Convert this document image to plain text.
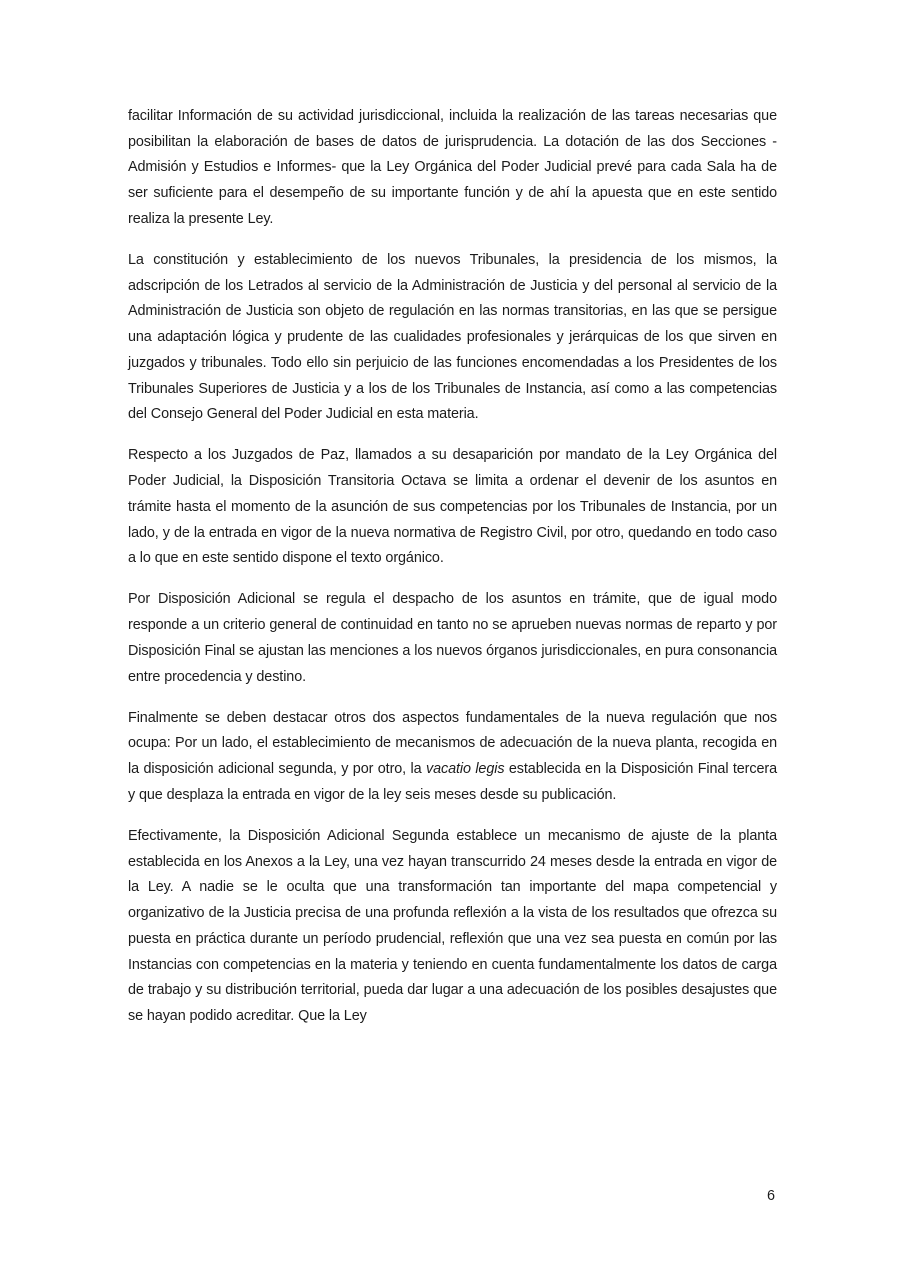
facilitar Información de su actividad jurisdiccional, incluida la realización de las tareas necesarias que posibilitan la elaboración de bases de datos de jurisprudencia. La dotación de las dos Secciones -Admisión y Estudios e Informes- que la Ley Orgánica del Poder Judicial prevé para cada Sala ha de ser suficiente para el desempeño de su importante función y de ahí la apuesta que en este sentido realiza la presente Ley.

La constitución y establecimiento de los nuevos Tribunales, la presidencia de los mismos, la adscripción de los Letrados al servicio de la Administración de Justicia y del personal al servicio de la Administración de Justicia son objeto de regulación en las normas transitorias, en las que se persigue una adaptación lógica y prudente de las cualidades profesionales y jerárquicas de los que sirven en juzgados y tribunales. Todo ello sin perjuicio de las funciones encomendadas a los Presidentes de los Tribunales Superiores de Justicia y a los de los Tribunales de Instancia, así como a las competencias del Consejo General del Poder Judicial en esta materia.

Respecto a los Juzgados de Paz, llamados a su desaparición por mandato de la Ley Orgánica del Poder Judicial, la Disposición Transitoria Octava se limita a ordenar el devenir de los asuntos en trámite hasta el momento de la asunción de sus competencias por los Tribunales de Instancia, por un lado, y de la entrada en vigor de la nueva normativa de Registro Civil, por otro, quedando en todo caso a lo que en este sentido dispone el texto orgánico.

Por Disposición Adicional se regula el despacho de los asuntos en trámite, que de igual modo responde a un criterio general de continuidad en tanto no se aprueben nuevas normas de reparto y por Disposición Final se ajustan las menciones a los nuevos órganos jurisdiccionales, en pura consonancia entre procedencia y destino.

Finalmente se deben destacar otros dos aspectos fundamentales de la nueva regulación que nos ocupa: Por un lado, el establecimiento de mecanismos de adecuación de la nueva planta, recogida en la disposición adicional segunda, y por otro, la vacatio legis establecida en la Disposición Final tercera y que desplaza la entrada en vigor de la ley seis meses desde su publicación.

Efectivamente, la Disposición Adicional Segunda establece un mecanismo de ajuste de la planta establecida en los Anexos a la Ley, una vez hayan transcurrido 24 meses desde la entrada en vigor de la Ley. A nadie se le oculta que una transformación tan importante del mapa competencial y organizativo de la Justicia precisa de una profunda reflexión a la vista de los resultados que ofrezca su puesta en práctica durante un período prudencial, reflexión que una vez sea puesta en común por las Instancias con competencias en la materia y teniendo en cuenta fundamentalmente los datos de carga de trabajo y su distribución territorial, pueda dar lugar a una adecuación de los posibles desajustes que se hayan podido acreditar. Que la Ley

6
